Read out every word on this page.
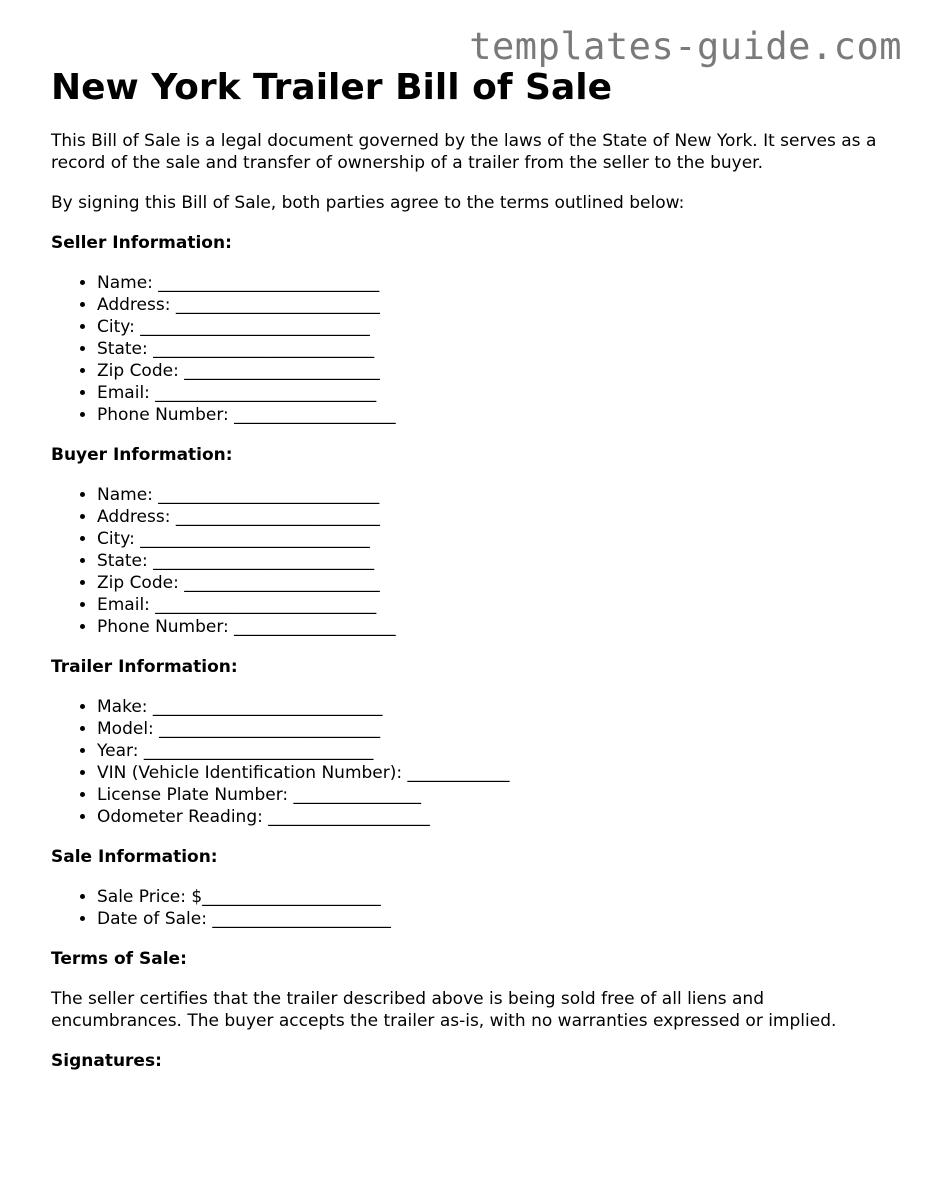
templates-guide.com
New York Trailer Bill of Sale

This Bill of Sale is a legal document governed by the laws of the State of New York. It serves as a record of the sale and transfer of ownership of a trailer from the seller to the buyer.

By signing this Bill of Sale, both parties agree to the terms outlined below:

Seller Information:
• Name: __________________________
• Address: ________________________
• City: ___________________________
• State: __________________________
• Zip Code: _______________________
• Email: __________________________
• Phone Number: ___________________
Buyer Information:
• Name: __________________________
• Address: ________________________
• City: ___________________________
• State: __________________________
• Zip Code: _______________________
• Email: __________________________
• Phone Number: ___________________
Trailer Information:
• Make: ___________________________
• Model: __________________________
• Year: ___________________________
• VIN (Vehicle Identification Number): ____________
• License Plate Number: _______________
• Odometer Reading: ___________________
Sale Information:
• Sale Price: $_____________________
• Date of Sale: _____________________
Terms of Sale:

The seller certifies that the trailer described above is being sold free of all liens and encumbrances. The buyer accepts the trailer as-is, with no warranties expressed or implied.

Signatures:
